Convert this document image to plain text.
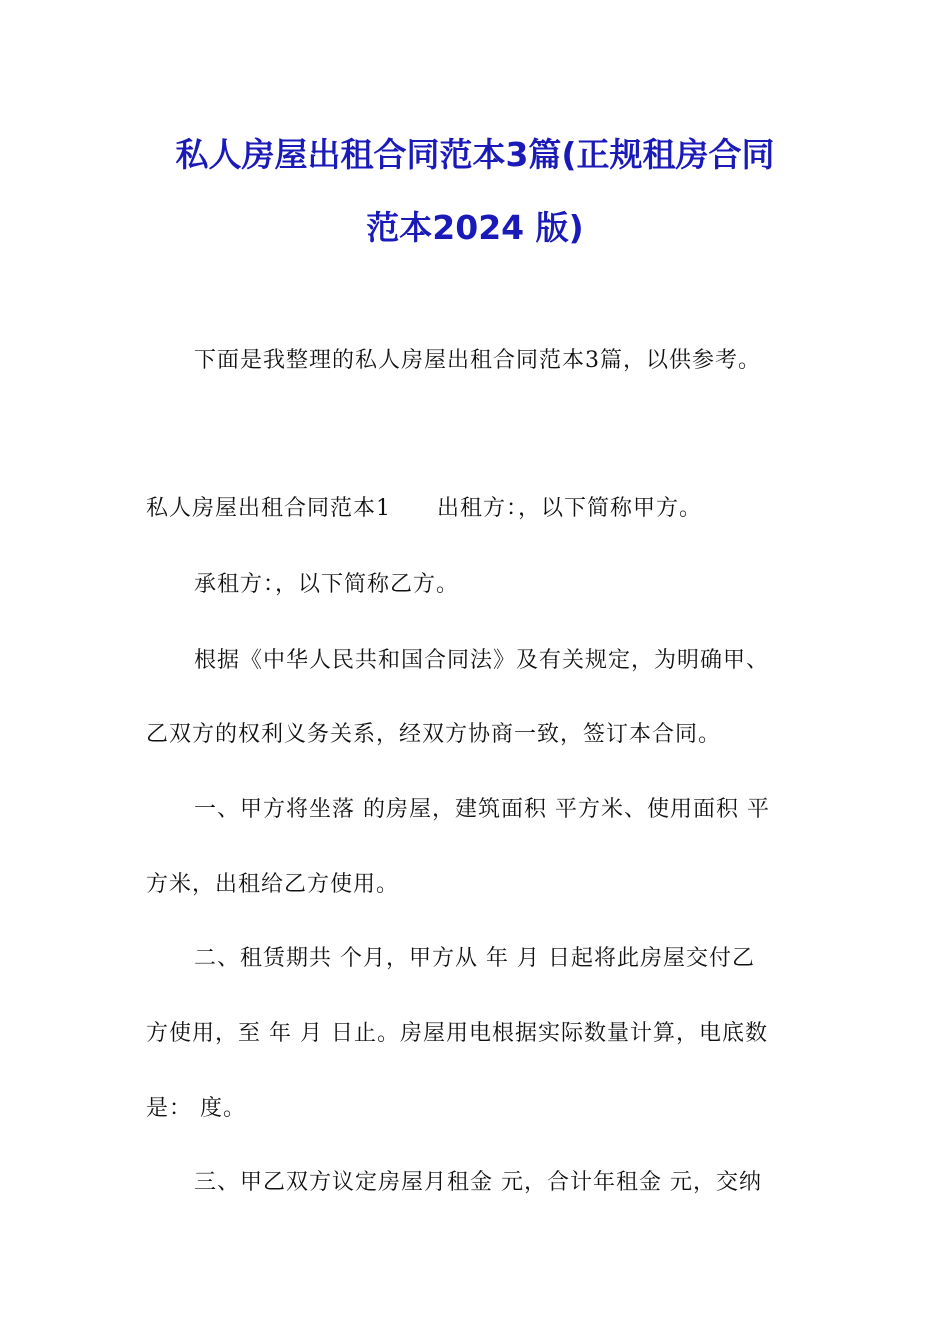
私人房屋出租合同范本3篇(正规租房合同
范本2024 版)
下面是我整理的私人房屋出租合同范本3篇，以供参考。
私人房屋出租合同范本1 出租方：，以下简称甲方。
承租方：，以下简称乙方。
根据《中华人民共和国合同法》及有关规定，为明确甲、
乙双方的权利义务关系，经双方协商一致，签订本合同。
一、甲方将坐落 的房屋，建筑面积 平方米、使用面积 平
方米，出租给乙方使用。
二、租赁期共 个月，甲方从 年 月 日起将此房屋交付乙
方使用，至 年 月 日止。房屋用电根据实际数量计算，电底数
是： 度。
三、甲乙双方议定房屋月租金 元，合计年租金 元，交纳
